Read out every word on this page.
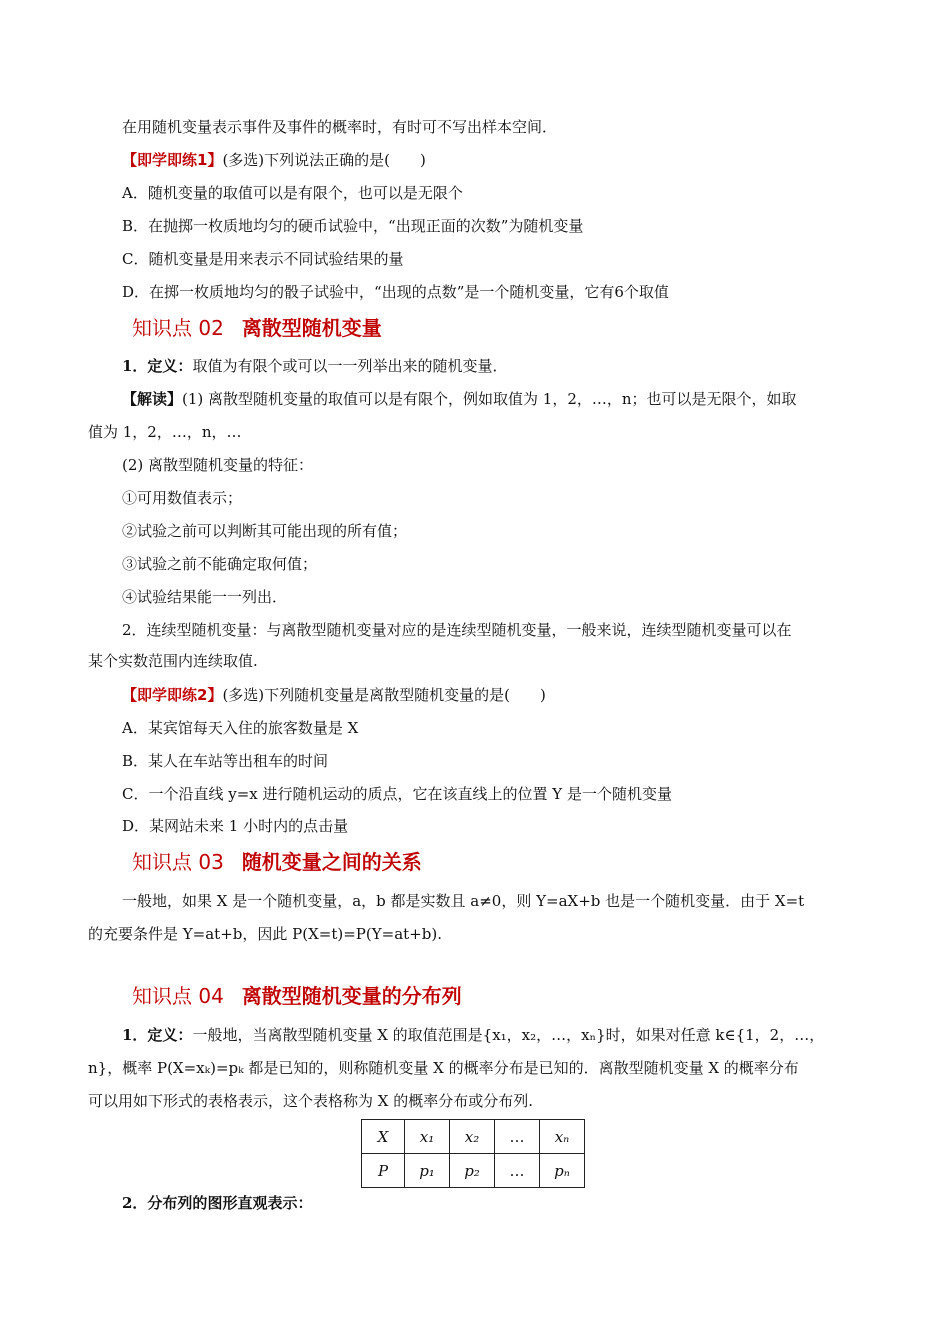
在用随机变量表示事件及事件的概率时，有时可不写出样本空间．
【即学即练1】(多选)下列说法正确的是(　　)
A．随机变量的取值可以是有限个，也可以是无限个
B．在抛掷一枚质地均匀的硬币试验中，“出现正面的次数”为随机变量
C．随机变量是用来表示不同试验结果的量
D．在掷一枚质地均匀的骰子试验中，“出现的点数”是一个随机变量，它有6个取值
知识点 02 离散型随机变量
1．定义：取值为有限个或可以一一列举出来的随机变量．
【解读】(1) 离散型随机变量的取值可以是有限个，例如取值为 1，2，…，n；也可以是无限个，如取
值为 1，2，…，n，…
(2) 离散型随机变量的特征：
①可用数值表示；
②试验之前可以判断其可能出现的所有值；
③试验之前不能确定取何值；
④试验结果能一一列出．
2．连续型随机变量：与离散型随机变量对应的是连续型随机变量，一般来说，连续型随机变量可以在
某个实数范围内连续取值.
【即学即练2】(多选)下列随机变量是离散型随机变量的是(　　)
A．某宾馆每天入住的旅客数量是 X
B．某人在车站等出租车的时间
C．一个沿直线 y=x 进行随机运动的质点，它在该直线上的位置 Y 是一个随机变量
D．某网站未来 1 小时内的点击量
知识点 03 随机变量之间的关系
一般地，如果 X 是一个随机变量，a，b 都是实数且 a≠0，则 Y=aX+b 也是一个随机变量．由于 X=t
的充要条件是 Y=at+b，因此 P(X=t)=P(Y=at+b).
知识点 04 离散型随机变量的分布列
1．定义：一般地，当离散型随机变量 X 的取值范围是{x₁，x₂，…，xₙ}时，如果对任意 k∈{1，2，…，
n}，概率 P(X=xₖ)=pₖ 都是已知的，则称随机变量 X 的概率分布是已知的．离散型随机变量 X 的概率分布
可以用如下形式的表格表示，这个表格称为 X 的概率分布或分布列.
X	x₁	x₂	…	xₙ
P	p₁	p₂	…	pₙ
2．分布列的图形直观表示：
